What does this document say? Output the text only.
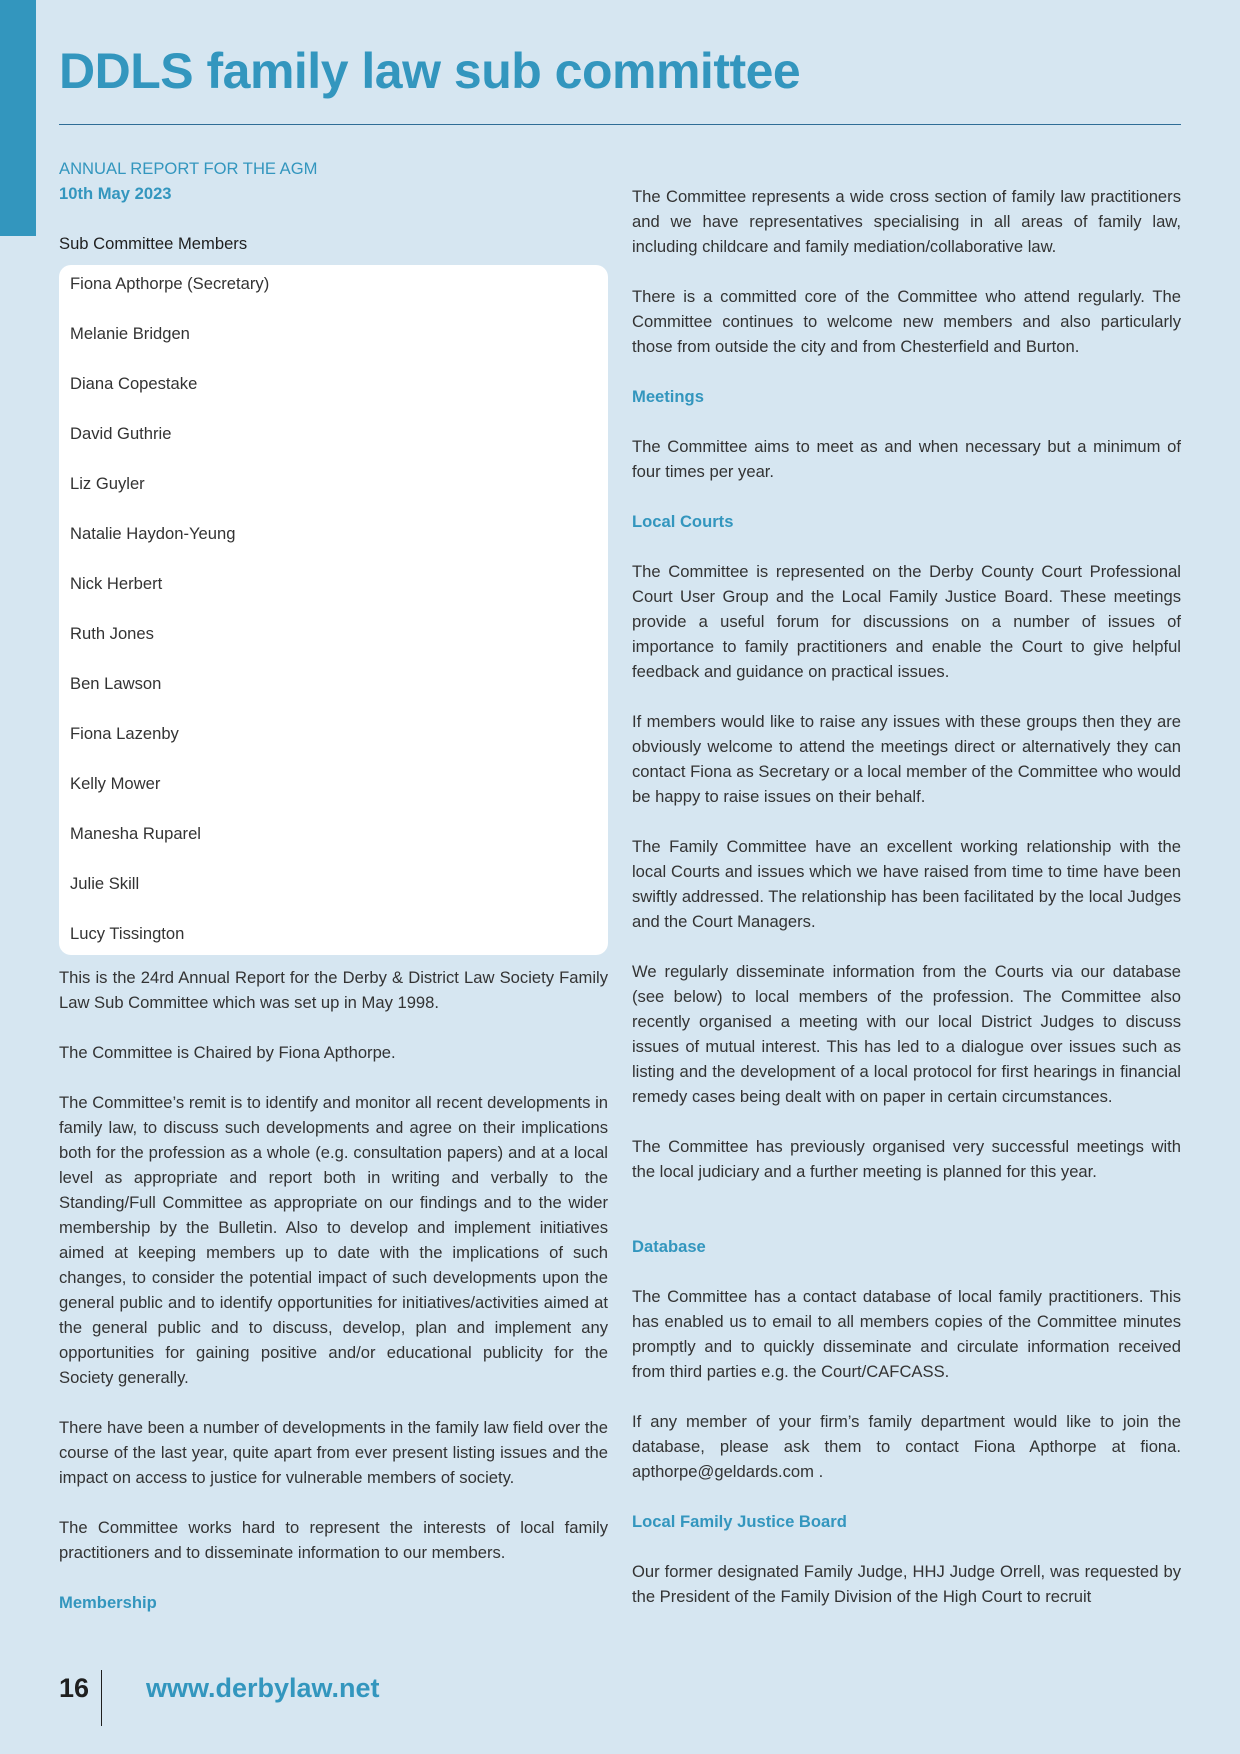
DDLS family law sub committee
ANNUAL REPORT FOR THE AGM
10th May 2023
Sub Committee Members
Fiona Apthorpe (Secretary)
Melanie Bridgen
Diana Copestake
David Guthrie
Liz Guyler
Natalie Haydon-Yeung
Nick Herbert
Ruth Jones
Ben Lawson
Fiona Lazenby
Kelly Mower
Manesha Ruparel
Julie Skill
Lucy Tissington

This is the 24rd Annual Report for the Derby & District Law Society Family Law Sub Committee which was set up in May 1998.

The Committee is Chaired by Fiona Apthorpe.

The Committee’s remit is to identify and monitor all recent developments in family law, to discuss such developments and agree on their implications both for the profession as a whole (e.g. consultation papers) and at a local level as appropriate and report both in writing and verbally to the Standing/Full Committee as appropriate on our findings and to the wider membership by the Bulletin. Also to develop and implement initiatives aimed at keeping members up to date with the implications of such changes, to consider the potential impact of such developments upon the general public and to identify opportunities for initiatives/activities aimed at the general public and to discuss, develop, plan and implement any opportunities for gaining positive and/or educational publicity for the Society generally.

There have been a number of developments in the family law field over the course of the last year, quite apart from ever present listing issues and the impact on access to justice for vulnerable members of society.

The Committee works hard to represent the interests of local family practitioners and to disseminate information to our members.

Membership

The Committee represents a wide cross section of family law practitioners and we have representatives specialising in all areas of family law, including childcare and family mediation/collaborative law.

There is a committed core of the Committee who attend regularly. The Committee continues to welcome new members and also particularly those from outside the city and from Chesterfield and Burton.

Meetings

The Committee aims to meet as and when necessary but a minimum of four times per year.

Local Courts

The Committee is represented on the Derby County Court Professional Court User Group and the Local Family Justice Board. These meetings provide a useful forum for discussions on a number of issues of importance to family practitioners and enable the Court to give helpful feedback and guidance on practical issues.

If members would like to raise any issues with these groups then they are obviously welcome to attend the meetings direct or alternatively they can contact Fiona as Secretary or a local member of the Committee who would be happy to raise issues on their behalf.

The Family Committee have an excellent working relationship with the local Courts and issues which we have raised from time to time have been swiftly addressed. The relationship has been facilitated by the local Judges and the Court Managers.

We regularly disseminate information from the Courts via our database (see below) to local members of the profession. The Committee also recently organised a meeting with our local District Judges to discuss issues of mutual interest. This has led to a dialogue over issues such as listing and the development of a local protocol for first hearings in financial remedy cases being dealt with on paper in certain circumstances.

The Committee has previously organised very successful meetings with the local judiciary and a further meeting is planned for this year.

Database

The Committee has a contact database of local family practitioners. This has enabled us to email to all members copies of the Committee minutes promptly and to quickly disseminate and circulate information received from third parties e.g. the Court/CAFCASS.

If any member of your firm’s family department would like to join the database, please ask them to contact Fiona Apthorpe at fiona. apthorpe@geldards.com .

Local Family Justice Board

Our former designated Family Judge, HHJ Judge Orrell, was requested by the President of the Family Division of the High Court to recruit

16 www.derbylaw.net
